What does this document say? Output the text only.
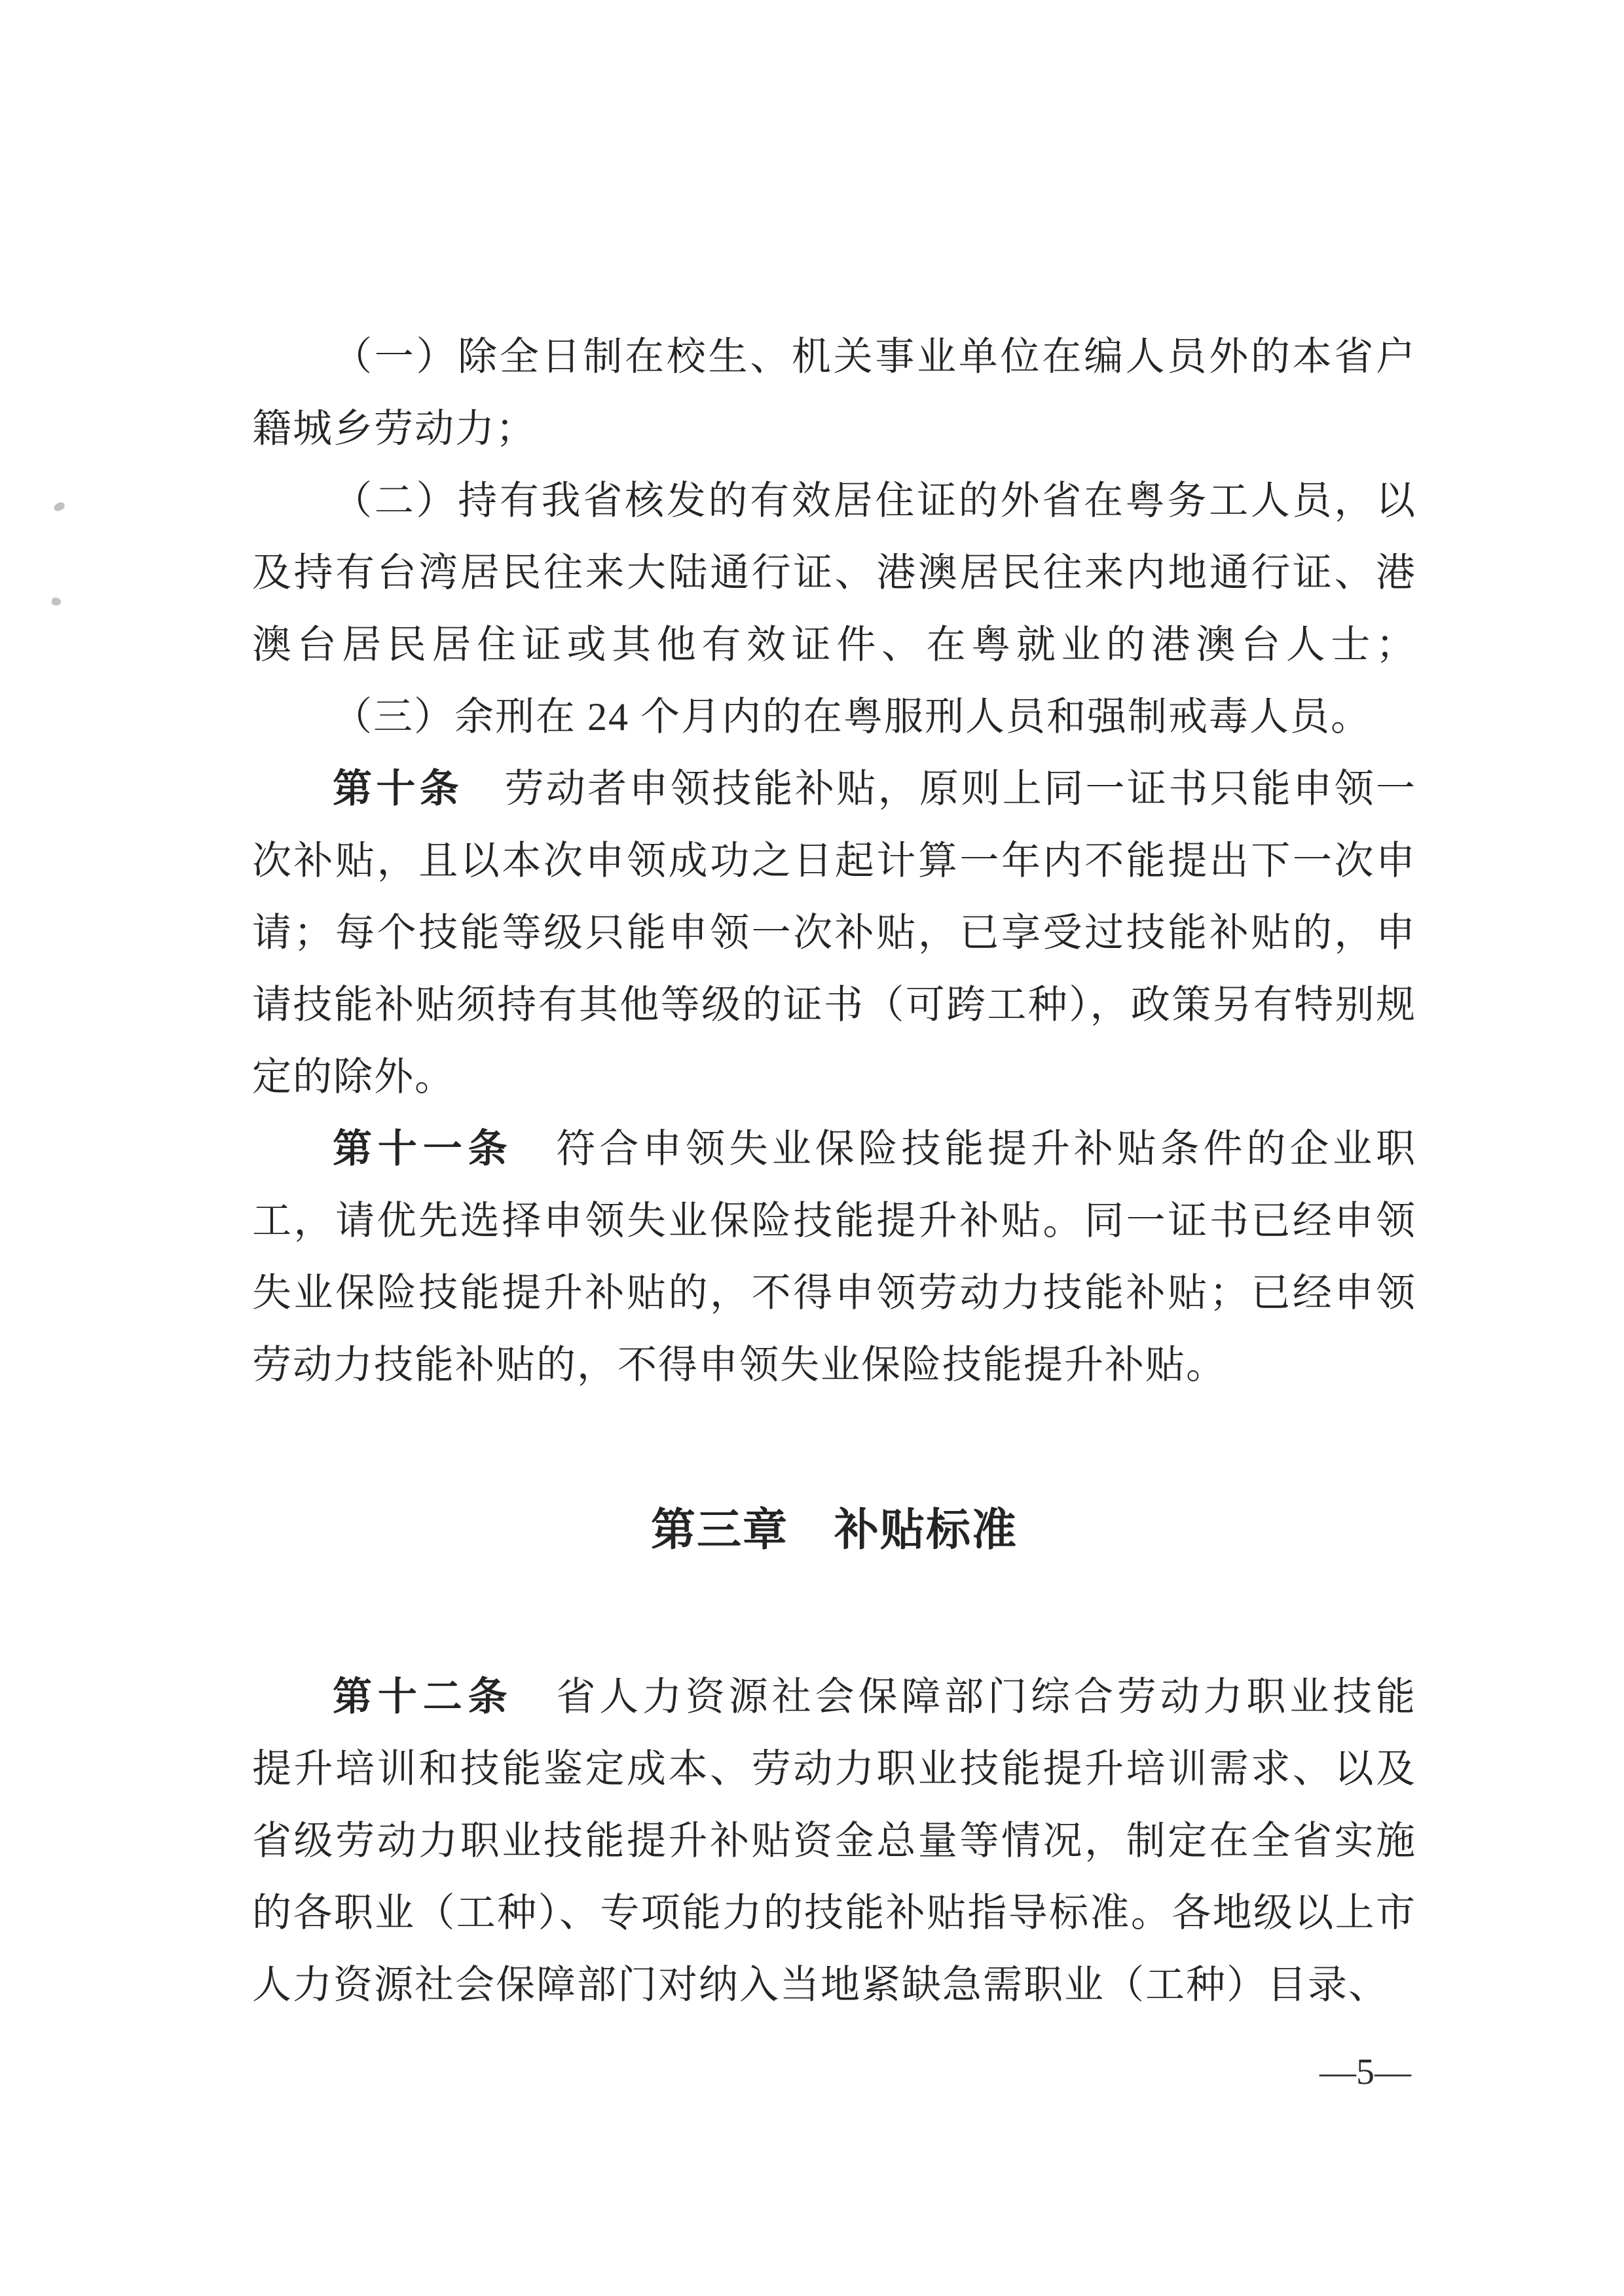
（一）除全日制在校生、机关事业单位在编人员外的本省户
籍城乡劳动力；
（二）持有我省核发的有效居住证的外省在粤务工人员，以
及持有台湾居民往来大陆通行证、港澳居民往来内地通行证、港
澳台居民居住证或其他有效证件、在粤就业的港澳台人士；
（三）余刑在 24 个月内的在粤服刑人员和强制戒毒人员。
第十条　劳动者申领技能补贴，原则上同一证书只能申领一
次补贴，且以本次申领成功之日起计算一年内不能提出下一次申
请；每个技能等级只能申领一次补贴，已享受过技能补贴的，申
请技能补贴须持有其他等级的证书（可跨工种），政策另有特别规
定的除外。
第十一条　符合申领失业保险技能提升补贴条件的企业职
工，请优先选择申领失业保险技能提升补贴。同一证书已经申领
失业保险技能提升补贴的，不得申领劳动力技能补贴；已经申领
劳动力技能补贴的，不得申领失业保险技能提升补贴。
第三章　补贴标准
第十二条　省人力资源社会保障部门综合劳动力职业技能
提升培训和技能鉴定成本、劳动力职业技能提升培训需求、以及
省级劳动力职业技能提升补贴资金总量等情况，制定在全省实施
的各职业（工种）、专项能力的技能补贴指导标准。各地级以上市
人力资源社会保障部门对纳入当地紧缺急需职业（工种）目录、
—5—
